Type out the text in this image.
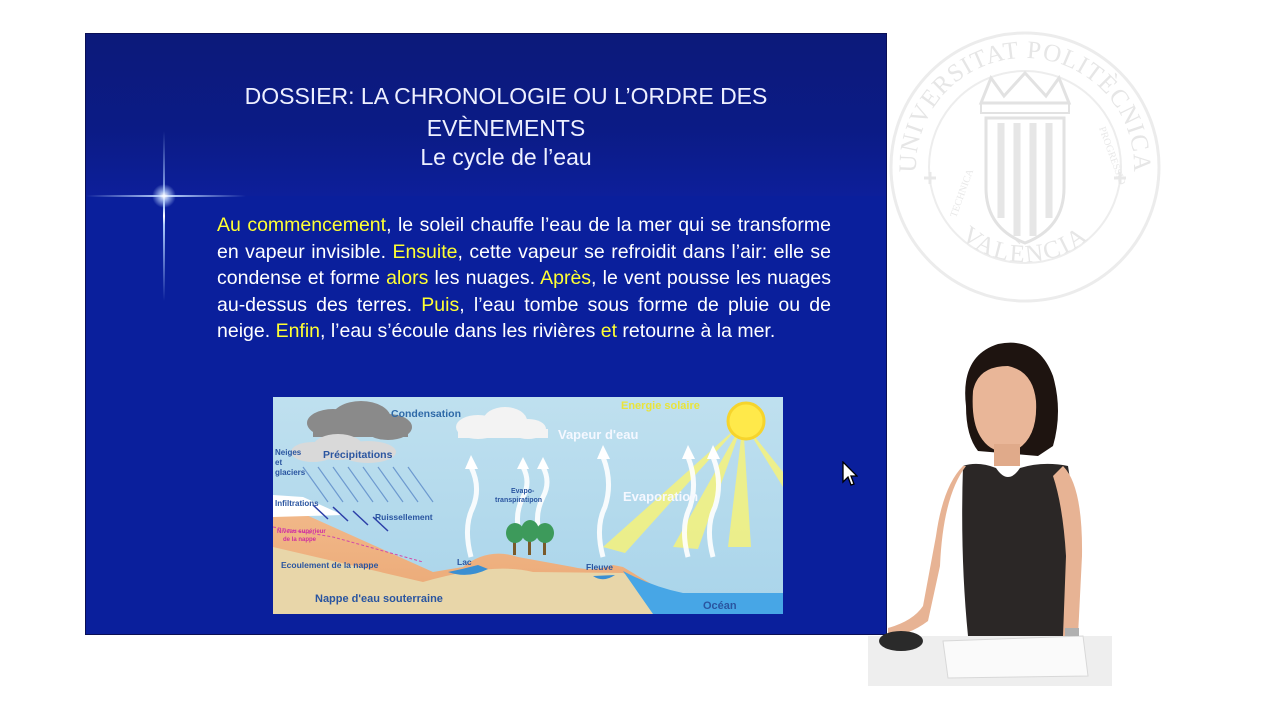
UNIVERSITAT POLITÈCNICA
VALÈNCIA
TECHNICA
PROGRESSIO
DOSSIER: LA CHRONOLOGIE OU L’ORDRE DES
EVÈNEMENTS
Le cycle de l’eau
Au commencement, le soleil chauffe l’eau de la mer qui se transforme en vapeur invisible. Ensuite, cette vapeur se refroidit dans l’air: elle se condense et forme alors les nuages. Après, le vent pousse les nuages au-dessus des terres. Puis, l’eau tombe sous forme de pluie ou de neige. Enfin, l’eau s’écoule dans les rivières et retourne à la mer.
Condensation
Energie solaire
Vapeur d'eau
Précipitations
Neiges
et
glaciers
Infiltrations
Ruissellement
Niveau supérieur
de la nappe
Evapo-
transpiratipon	Evaporation
Ecoulement de la nappe	Lac	Fleuve
Nappe d'eau souterraine
Océan
